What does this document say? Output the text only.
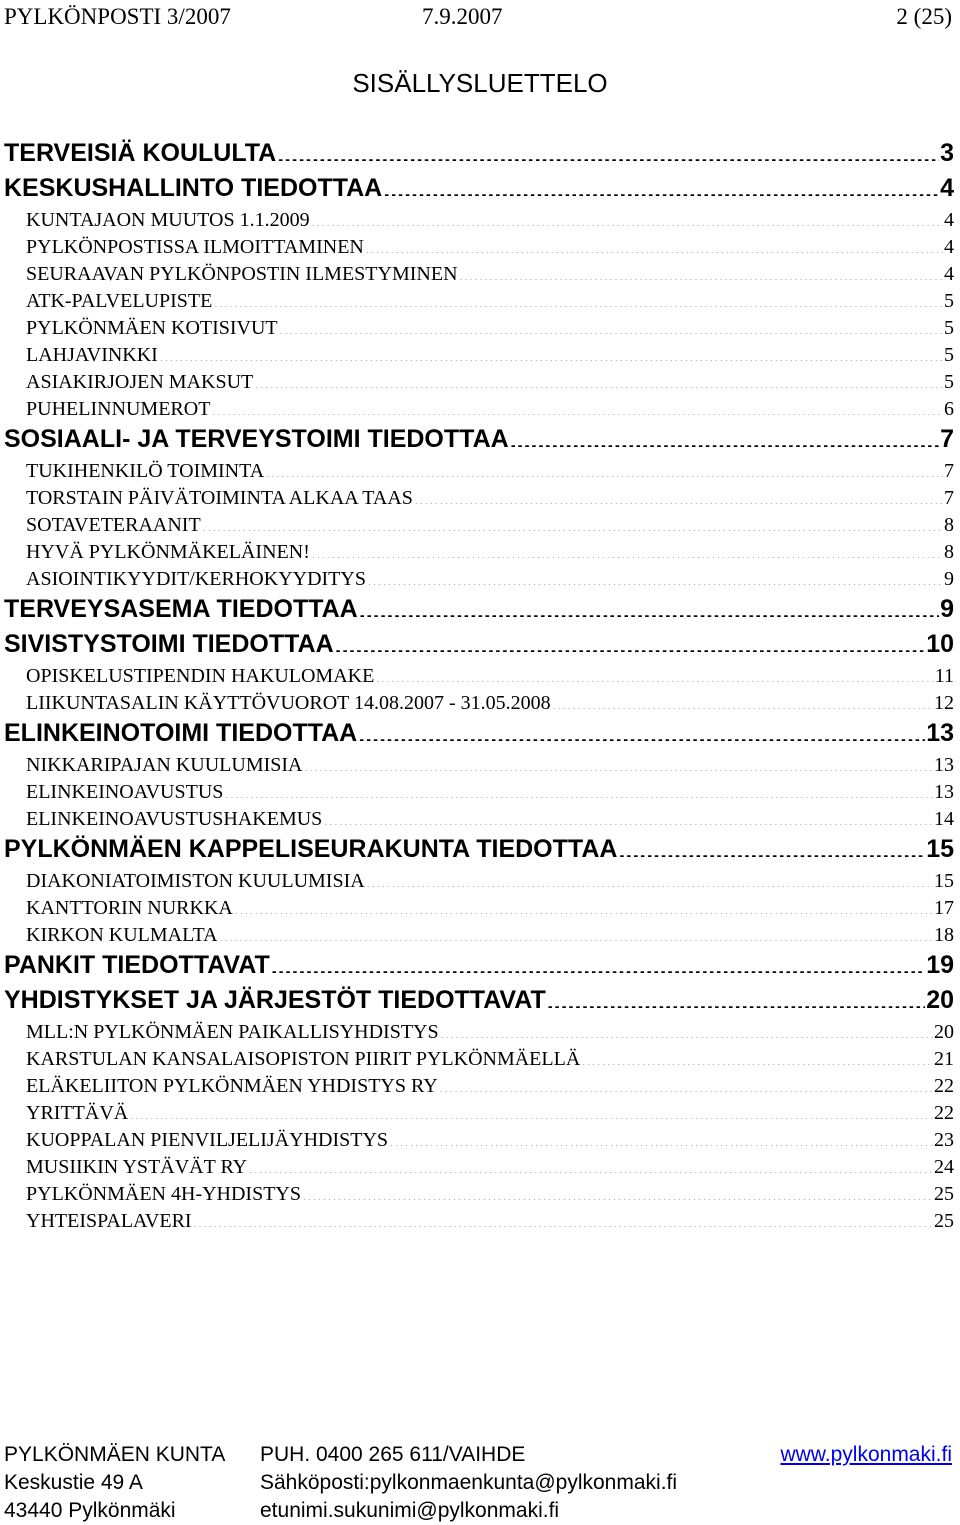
PYLKÖNPOSTI 3/2007	7.9.2007	2 (25)
SISÄLLYSLUETTELO
TERVEISIÄ KOULULTA .....	3
KESKUSHALLINTO TIEDOTTAA .....	4
KUNTAJAON MUUTOS 1.1.2009 .....	4
PYLKÖNPOSTISSA ILMOITTAMINEN .....	4
SEURAAVAN PYLKÖNPOSTIN ILMESTYMINEN .....	4
ATK-PALVELUPISTE .....	5
PYLKÖNMÄEN KOTISIVUT .....	5
LAHJAVINKKI .....	5
ASIAKIRJOJEN MAKSUT .....	5
PUHELINNUMEROT .....	6
SOSIAALI- JA TERVEYSTOIMI TIEDOTTAA .....	7
TUKIHENKILÖ TOIMINTA .....	7
TORSTAIN PÄIVÄTOIMINTA ALKAA TAAS .....	7
SOTAVETERAANIT .....	8
HYVÄ PYLKÖNMÄKELÄINEN! .....	8
ASIOINTIKYYDIT/KERHOKYYDITYS .....	9
TERVEYSASEMA TIEDOTTAA .....	9
SIVISTYSTOIMI TIEDOTTAA .....	10
OPISKELUSTIPENDIN HAKULOMAKE .....	11
LIIKUNTASALIN KÄYTTÖVUOROT 14.08.2007 - 31.05.2008 .....	12
ELINKEINOTOIMI TIEDOTTAA .....	13
NIKKARIPAJAN KUULUMISIA .....	13
ELINKEINOAVUSTUS .....	13
ELINKEINOAVUSTUSHAKEMUS .....	14
PYLKÖNMÄEN KAPPELISEURAKUNTA TIEDOTTAA .....	15
DIAKONIATOIMISTON KUULUMISIA .....	15
KANTTORIN NURKKA .....	17
KIRKON KULMALTA .....	18
PANKIT TIEDOTTAVAT .....	19
YHDISTYKSET JA JÄRJESTÖT TIEDOTTAVAT .....	20
MLL:N PYLKÖNMÄEN PAIKALLISYHDISTYS .....	20
KARSTULAN KANSALAISOPISTON PIIRIT PYLKÖNMÄELLÄ .....	21
ELÄKELIITON PYLKÖNMÄEN YHDISTYS RY .....	22
YRITTÄVÄ .....	22
KUOPPALAN PIENVILJELIJÄYHDISTYS .....	23
MUSIIKIN YSTÄVÄT RY .....	24
PYLKÖNMÄEN 4H-YHDISTYS .....	25
YHTEISPALAVERI .....	25
PYLKÖNMÄEN KUNTA PUH. 0400 265 611/VAIHDE	www.pylkonmaki.fi
Keskustie 49 A	Sähköposti:pylkonmaenkunta@pylkonmaki.fi
43440 Pylkönmäki	etunimi.sukunimi@pylkonmaki.fi
